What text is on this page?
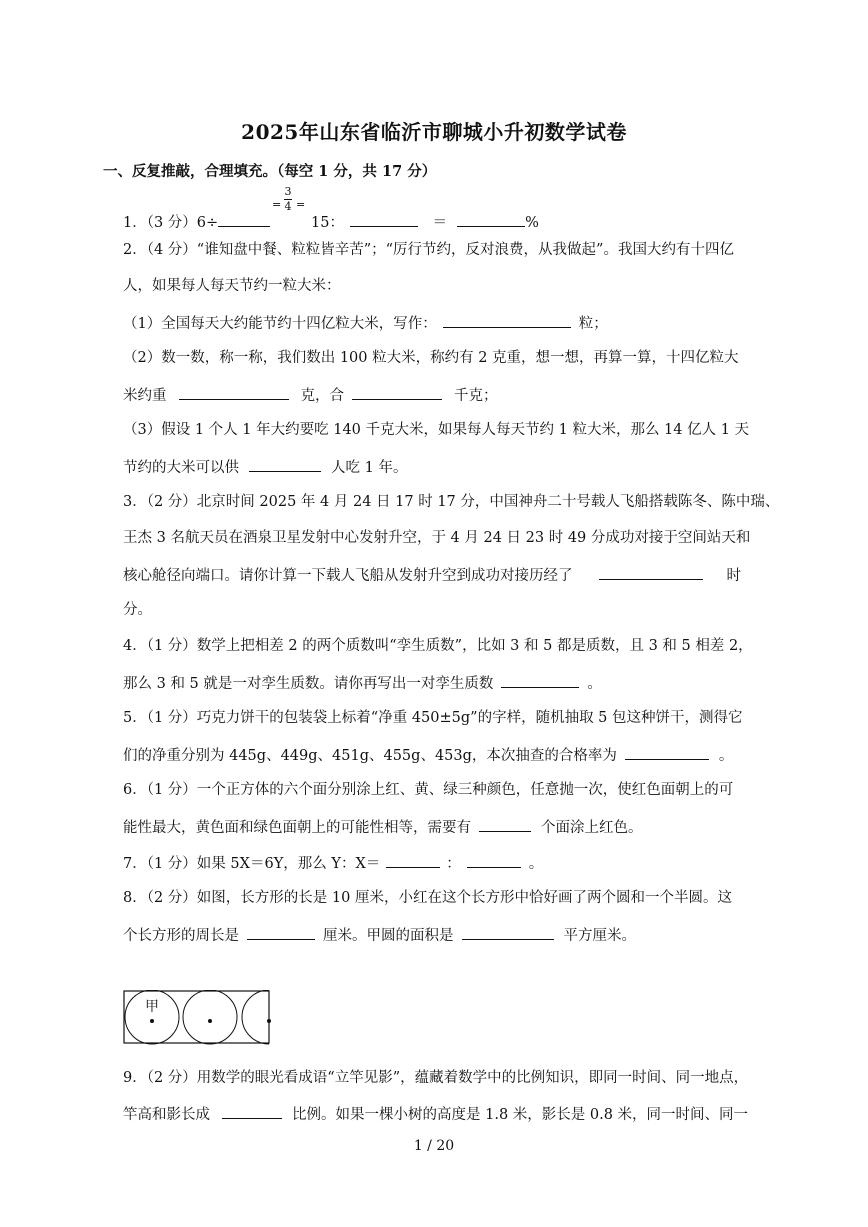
2025年山东省临沂市聊城小升初数学试卷
一、反复推敲，合理填充。（每空 1 分，共 17 分）
1．（3 分）6÷
=
3
4 =
15：	＝	%
2．（4 分）“谁知盘中餐、粒粒皆辛苦”；“厉行节约，反对浪费，从我做起”。我国大约有十四亿
人，如果每人每天节约一粒大米：
（1）全国每天大约能节约十四亿粒大米，写作：	粒；
（2）数一数，称一称，我们数出 100 粒大米，称约有 2 克重，想一想，再算一算，十四亿粒大
米约重	克，合	千克；
（3）假设 1 个人 1 年大约要吃 140 千克大米，如果每人每天节约 1 粒大米，那么 14 亿人 1 天
节约的大米可以供	人吃 1 年。
3．（2 分）北京时间 2025 年 4 月 24 日 17 时 17 分，中国神舟二十号载人飞船搭载陈冬、陈中瑞、
王杰 3 名航天员在酒泉卫星发射中心发射升空，于 4 月 24 日 23 时 49 分成功对接于空间站天和
核心舱径向端口。请你计算一下载人飞船从发射升空到成功对接历经了	时
分。
4．（1 分）数学上把相差 2 的两个质数叫“孪生质数”，比如 3 和 5 都是质数，且 3 和 5 相差 2，
那么 3 和 5 就是一对孪生质数。请你再写出一对孪生质数	。
5．（1 分）巧克力饼干的包装袋上标着“净重 450±5g”的字样，随机抽取 5 包这种饼干，测得它
们的净重分别为 445g、449g、451g、455g、453g，本次抽查的合格率为	。
6．（1 分）一个正方体的六个面分别涂上红、黄、绿三种颜色，任意抛一次，使红色面朝上的可
能性最大，黄色面和绿色面朝上的可能性相等，需要有	个面涂上红色。
7．（1 分）如果 5X＝6Y，那么 Y：X＝	：	。
8．（2 分）如图，长方形的长是 10 厘米，小红在这个长方形中恰好画了两个圆和一个半圆。这
个长方形的周长是	厘米。甲圆的面积是	平方厘米。
甲
9．（2 分）用数学的眼光看成语“立竿见影”，蕴藏着数学中的比例知识，即同一时间、同一地点，
竿高和影长成	比例。如果一棵小树的高度是 1.8 米，影长是 0.8 米，同一时间、同一
1 / 20
